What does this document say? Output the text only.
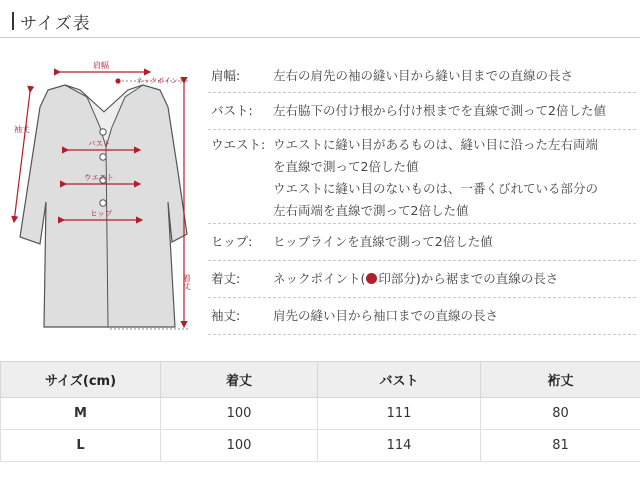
サイズ表
肩幅
ネックポイント
袖丈
バスト
ウエスト
ヒップ
着丈
肩幅:	左右の肩先の袖の縫い目から縫い目までの直線の長さ
バスト:	左右脇下の付け根から付け根までを直線で測って2倍した値
ウエスト: ウエストに縫い目があるものは、縫い目に沿った左右両端
を直線で測って2倍した値
ウエストに縫い目のないものは、一番くびれている部分の
左右両端を直線で測って2倍した値
ヒップ:	ヒップラインを直線で測って2倍した値
着丈:	ネックポイント( 印部分)から裾までの直線の長さ
袖丈:	肩先の縫い目から袖口までの直線の長さ
サイズ(cm)	着丈	バスト	裄丈
M	100	111	80
L	100	114	81
